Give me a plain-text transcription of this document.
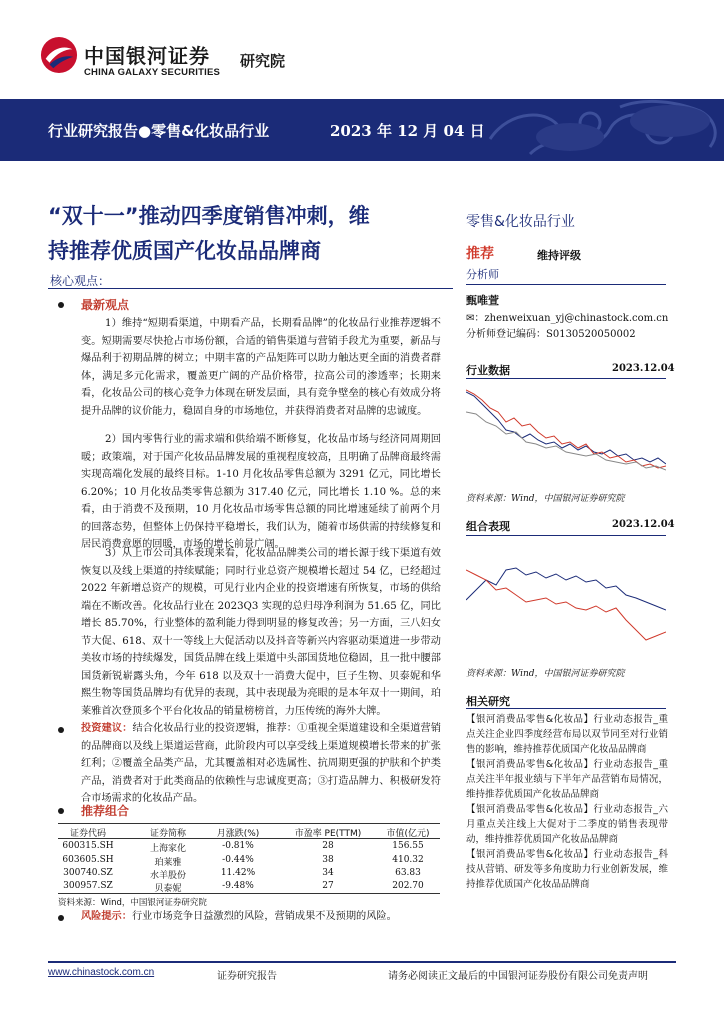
中国银河证券
CHINA GALAXY SECURITIES
研究院
行业研究报告●零售&化妆品行业	2023 年 12 月 04 日
“双十一”推动四季度销售冲刺，维
持推荐优质国产化妆品品牌商
核心观点：
零售&化妆品行业
推荐	维持评级
分析师
甄唯萱
✉：zhenweixuan_yj@chinastock.com.cn
分析师登记编码：S0130520050002
行业数据	2023.12.04
资料来源：Wind，中国银河证券研究院
组合表现	2023.12.04
资料来源：Wind，中国银河证券研究院
相关研究
【银河消费品零售&化妆品】行业动态报告_重点关注企业四季度经营布局以双节同至对行业销售的影响，维持推荐优质国产化妆品品牌商
【银河消费品零售&化妆品】行业动态报告_重点关注半年报业绩与下半年产品营销布局情况，维持推荐优质国产化妆品品牌商
【银河消费品零售&化妆品】行业动态报告_六月重点关注线上大促对于二季度的销售表现带动，维持推荐优质国产化妆品品牌商
【银河消费品零售&化妆品】行业动态报告_科技从营销、研发等多角度助力行业创新发展，维持推荐优质国产化妆品品牌商
最新观点
1）维持“短期看渠道，中期看产品，长期看品牌”的化妆品行业推荐逻辑不变。短期需要尽快抢占市场份额，合适的销售渠道与营销手段尤为重要，新品与爆品利于初期品牌的树立；中期丰富的产品矩阵可以助力触达更全面的消费者群体，满足多元化需求，覆盖更广阔的产品价格带，拉高公司的渗透率；长期来看，化妆品公司的核心竞争力体现在研发层面，具有竞争壁垒的核心有效成分将提升品牌的议价能力，稳固自身的市场地位，并获得消费者对品牌的忠诚度。
2）国内零售行业的需求端和供给端不断修复，化妆品市场与经济同周期回暖；政策端，对于国产化妆品品牌发展的重视程度较高，且明确了品牌商最终需实现高端化发展的最终目标。1-10 月化妆品零售总额为 3291 亿元，同比增长 6.20%；10 月化妆品类零售总额为 317.40 亿元，同比增长 1.10 %。总的来看，由于消费不及预期，10 月化妆品市场零售总额的同比增速延续了前两个月的回落态势，但整体上仍保持平稳增长，我们认为，随着市场供需的持续修复和居民消费意愿的回暖，市场的增长前景广阔。
3）从上市公司具体表现来看，化妆品品牌类公司的增长源于线下渠道有效恢复以及线上渠道的持续赋能；同时行业总资产规模增长超过 54 亿，已经超过 2022 年新增总资产的规模，可见行业内企业的投资增速有所恢复，市场的供给端在不断改善。化妆品行业在 2023Q3 实现的总归母净利润为 51.65 亿，同比增长 85.70%，行业整体的盈利能力得到明显的修复改善；另一方面，三八妇女节大促、618、双十一等线上大促活动以及抖音等新兴内容驱动渠道进一步带动美妆市场的持续爆发，国货品牌在线上渠道中头部国货地位稳固，且一批中腰部国货新锐崭露头角，今年 618 以及双十一消费大促中，巨子生物、贝泰妮和华熙生物等国货品牌均有优异的表现，其中表现最为亮眼的是本年双十一期间，珀莱雅首次登顶多个平台化妆品的销量榜榜首，力压传统的海外大牌。
投资建议：结合化妆品行业的投资逻辑，推荐：①重视全渠道建设和全渠道营销的品牌商以及线上渠道运营商，此阶段内可以享受线上渠道规模增长带来的扩张红利；②覆盖全品类产品，尤其覆盖相对必选属性、抗周期更强的护肤和个护类产品，消费者对于此类商品的依赖性与忠诚度更高；③打造品牌力、积极研发符合市场需求的化妆品产品。
推荐组合
证券代码	证券简称	月涨跌(%)	市盈率 PE(TTM)	市值(亿元)
600315.SH	上海家化	-0.81%	28	156.55
603605.SH	珀莱雅	-0.44%	38	410.32
300740.SZ	水羊股份	11.42%	34	63.83
300957.SZ	贝泰妮	-9.48%	27	202.70
资料来源：Wind，中国银河证券研究院
风险提示：行业市场竞争日益激烈的风险，营销成果不及预期的风险。
www.chinastock.com.cn	证券研究报告	请务必阅读正文最后的中国银河证券股份有限公司免责声明
